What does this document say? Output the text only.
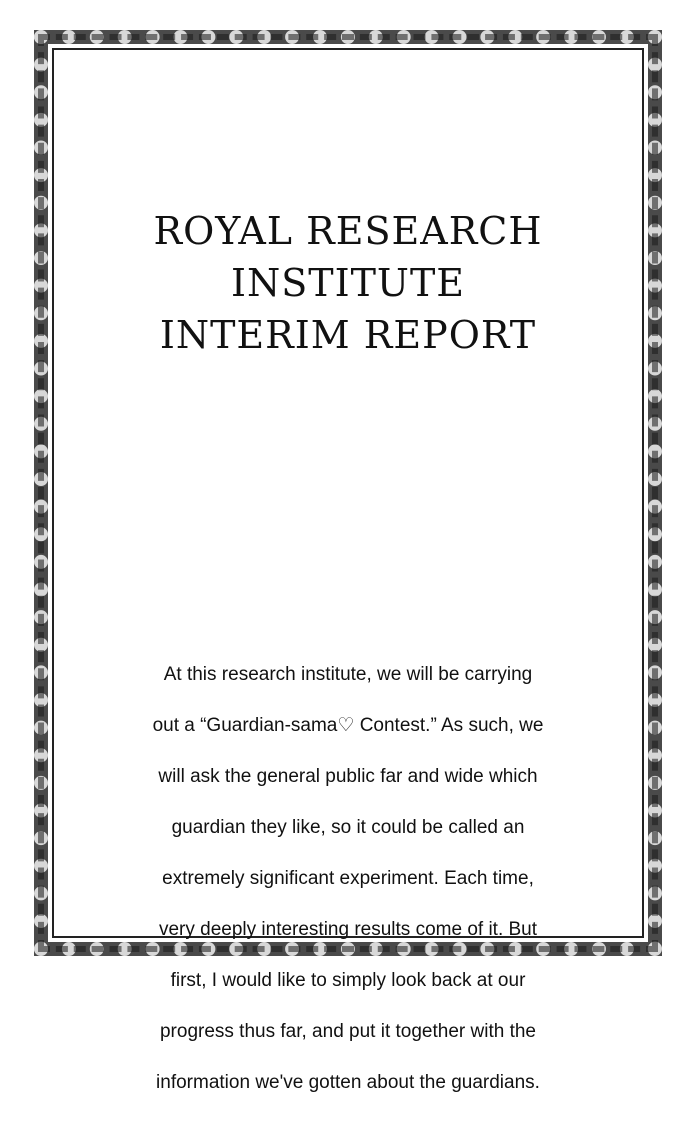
ROYAL RESEARCH
INSTITUTE
INTERIM REPORT

At this research institute, we will be carrying

out a “Guardian-sama♡ Contest.” As such, we

will ask the general public far and wide which

guardian they like, so it could be called an

extremely significant experiment. Each time,

very deeply interesting results come of it. But

first, I would like to simply look back at our

progress thus far, and put it together with the

information we've gotten about the guardians.
